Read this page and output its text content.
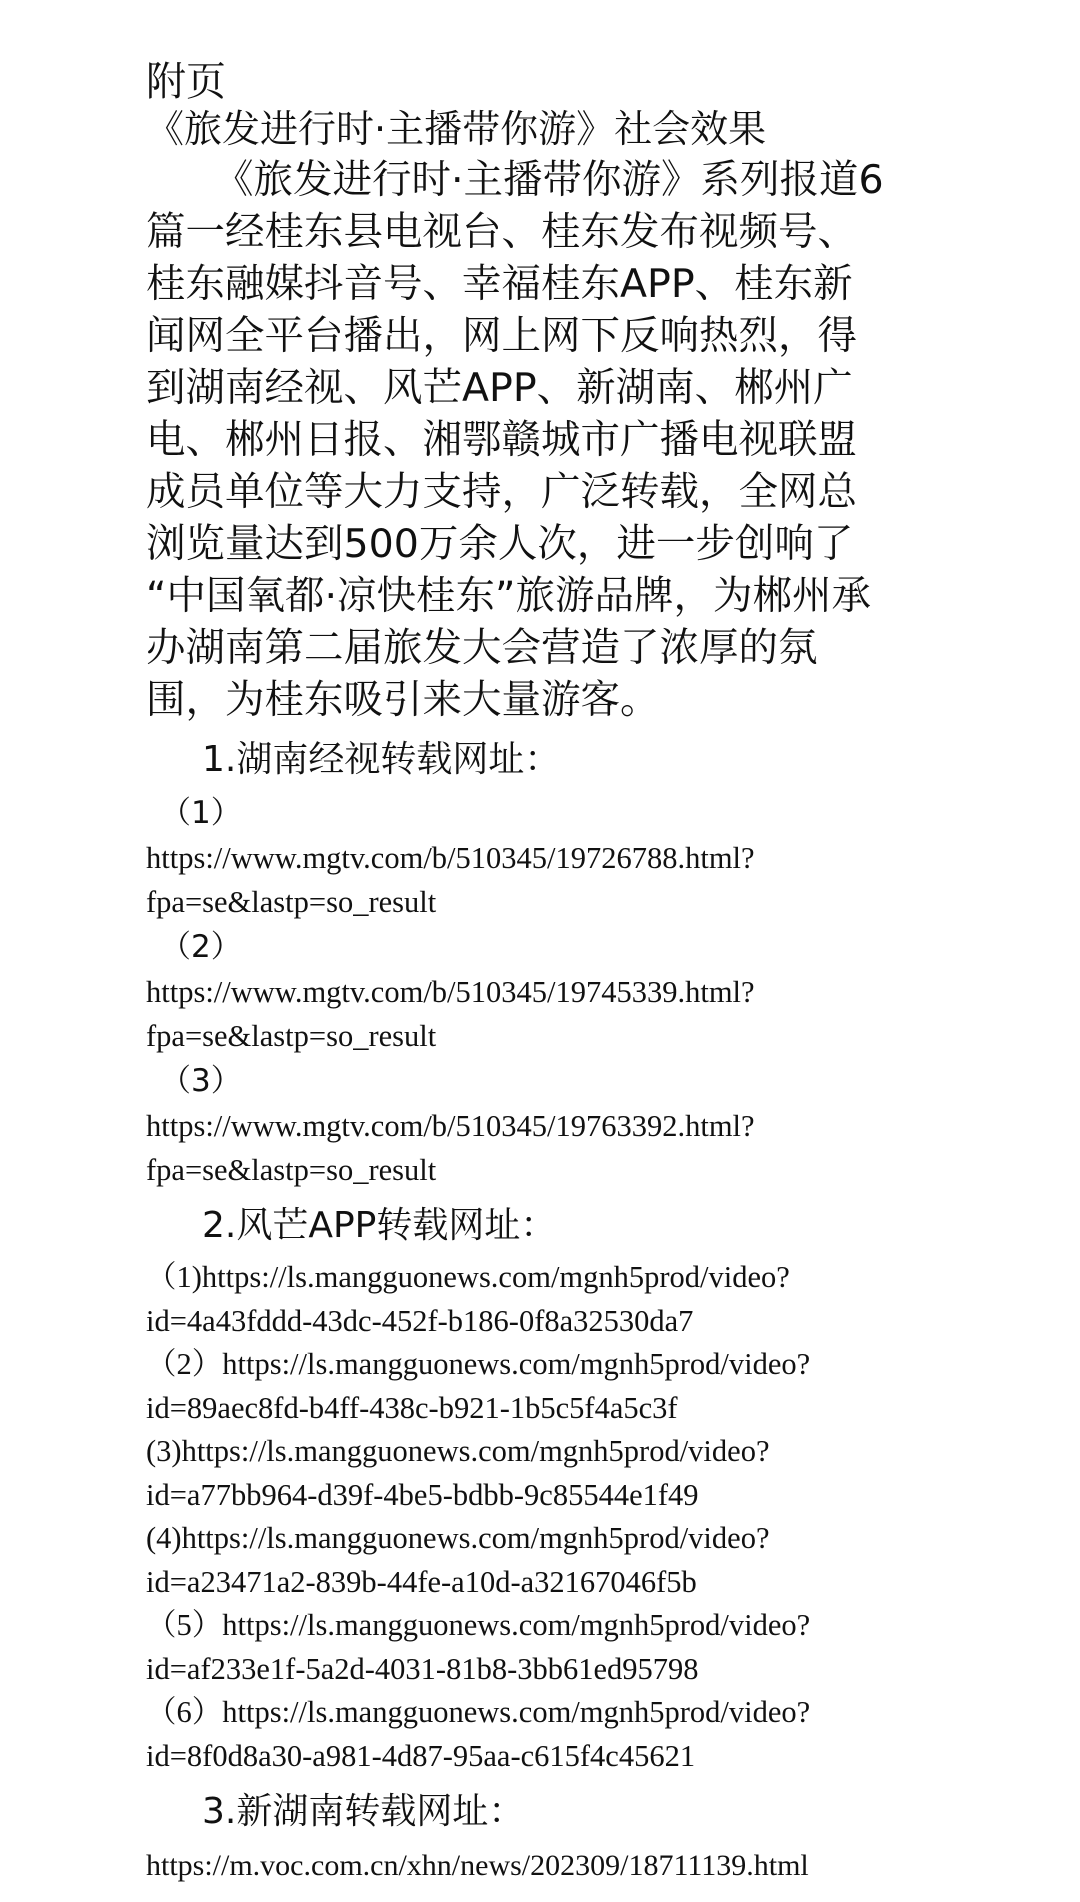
附页
《旅发进行时·主播带你游》社会效果
《旅发进行时·主播带你游》系列报道6
篇一经桂东县电视台、桂东发布视频号、
桂东融媒抖音号、幸福桂东APP、桂东新
闻网全平台播出，网上网下反响热烈，得
到湖南经视、风芒APP、新湖南、郴州广
电、郴州日报、湘鄂赣城市广播电视联盟
成员单位等大力支持，广泛转载，全网总
浏览量达到500万余人次，进一步创响了
“中国氧都·凉快桂东”旅游品牌，为郴州承
办湖南第二届旅发大会营造了浓厚的氛
围，为桂东吸引来大量游客。
1.湖南经视转载网址：
（1）
https://www.mgtv.com/b/510345/19726788.html?
fpa=se&lastp=so_result
（2）
https://www.mgtv.com/b/510345/19745339.html?
fpa=se&lastp=so_result
（3）
https://www.mgtv.com/b/510345/19763392.html?
fpa=se&lastp=so_result
2.风芒APP转载网址：
（1)https://ls.mangguonews.com/mgnh5prod/video?
id=4a43fddd-43dc-452f-b186-0f8a32530da7
（2）https://ls.mangguonews.com/mgnh5prod/video?
id=89aec8fd-b4ff-438c-b921-1b5c5f4a5c3f
(3)https://ls.mangguonews.com/mgnh5prod/video?
id=a77bb964-d39f-4be5-bdbb-9c85544e1f49
(4)https://ls.mangguonews.com/mgnh5prod/video?
id=a23471a2-839b-44fe-a10d-a32167046f5b
（5）https://ls.mangguonews.com/mgnh5prod/video?
id=af233e1f-5a2d-4031-81b8-3bb61ed95798
（6）https://ls.mangguonews.com/mgnh5prod/video?
id=8f0d8a30-a981-4d87-95aa-c615f4c45621
3.新湖南转载网址：
https://m.voc.com.cn/xhn/news/202309/18711139.html
